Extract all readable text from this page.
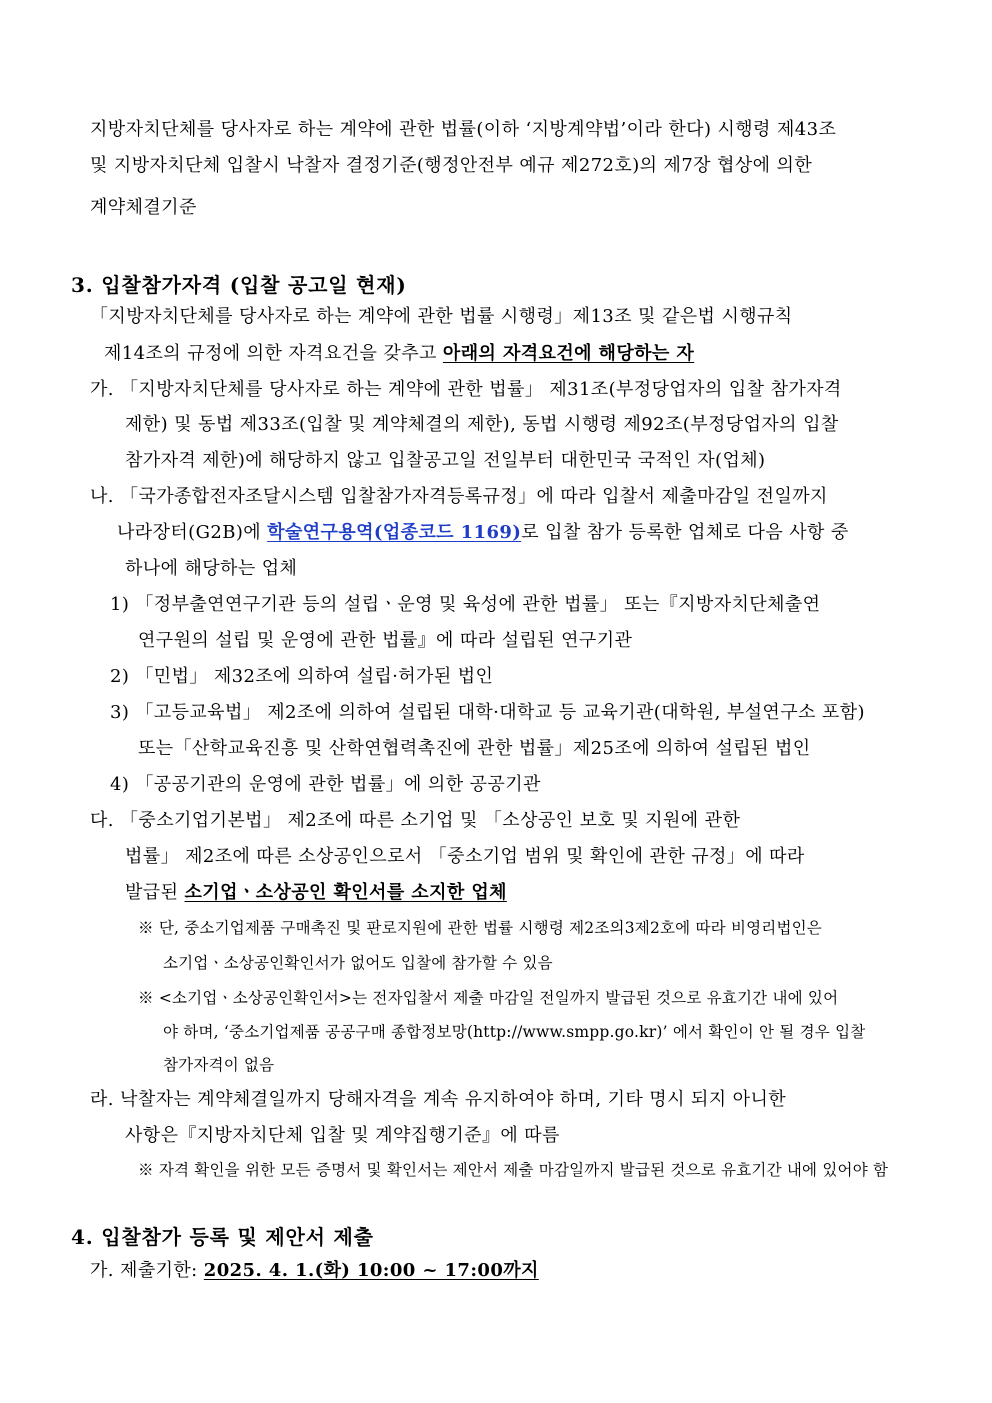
지방자치단체를 당사자로 하는 계약에 관한 법률(이하 ‘지방계약법’이라 한다) 시행령 제43조
및 지방자치단체 입찰시 낙찰자 결정기준(행정안전부 예규 제272호)의 제7장 협상에 의한
계약체결기준
3. 입찰참가자격 (입찰 공고일 현재)
「지방자치단체를 당사자로 하는 계약에 관한 법률 시행령」제13조 및 같은법 시행규칙
제14조의 규정에 의한 자격요건을 갖추고 아래의 자격요건에 해당하는 자
가. 「지방자치단체를 당사자로 하는 계약에 관한 법률」 제31조(부정당업자의 입찰 참가자격
제한) 및 동법 제33조(입찰 및 계약체결의 제한), 동법 시행령 제92조(부정당업자의 입찰
참가자격 제한)에 해당하지 않고 입찰공고일 전일부터 대한민국 국적인 자(업체)
나. 「국가종합전자조달시스템 입찰참가자격등록규정」에 따라 입찰서 제출마감일 전일까지
나라장터(G2B)에 학술연구용역(업종코드 1169)로 입찰 참가 등록한 업체로 다음 사항 중
하나에 해당하는 업체
1) 「정부출연연구기관 등의 설립ㆍ운영 및 육성에 관한 법률」 또는『지방자치단체출연
연구원의 설립 및 운영에 관한 법률』에 따라 설립된 연구기관
2) 「민법」 제32조에 의하여 설립·허가된 법인
3) 「고등교육법」 제2조에 의하여 설립된 대학·대학교 등 교육기관(대학원, 부설연구소 포함)
또는「산학교육진흥 및 산학연협력촉진에 관한 법률」제25조에 의하여 설립된 법인
4) 「공공기관의 운영에 관한 법률」에 의한 공공기관
다. 「중소기업기본법」 제2조에 따른 소기업 및 「소상공인 보호 및 지원에 관한
법률」 제2조에 따른 소상공인으로서 「중소기업 범위 및 확인에 관한 규정」에 따라
발급된 소기업ㆍ소상공인 확인서를 소지한 업체
※ 단, 중소기업제품 구매촉진 및 판로지원에 관한 법률 시행령 제2조의3제2호에 따라 비영리법인은
소기업ㆍ소상공인확인서가 없어도 입찰에 참가할 수 있음
※ <소기업ㆍ소상공인확인서>는 전자입찰서 제출 마감일 전일까지 발급된 것으로 유효기간 내에 있어
야 하며, ‘중소기업제품 공공구매 종합정보망(http://www.smpp.go.kr)’ 에서 확인이 안 될 경우 입찰
참가자격이 없음
라. 낙찰자는 계약체결일까지 당해자격을 계속 유지하여야 하며, 기타 명시 되지 아니한
사항은『지방자치단체 입찰 및 계약집행기준』에 따름
※ 자격 확인을 위한 모든 증명서 및 확인서는 제안서 제출 마감일까지 발급된 것으로 유효기간 내에 있어야 함
4. 입찰참가 등록 및 제안서 제출
가. 제출기한: 2025. 4. 1.(화) 10:00 ~ 17:00까지
